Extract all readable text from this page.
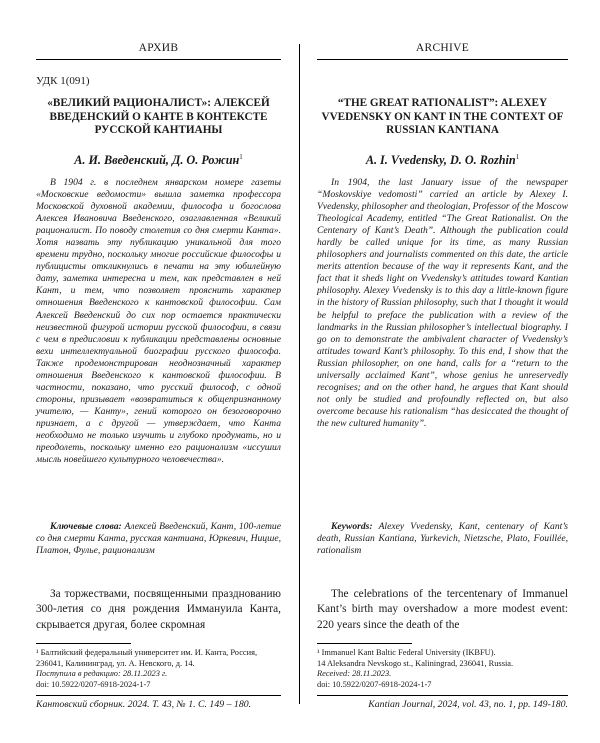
АРХИВ
УДК 1(091)
«ВЕЛИКИЙ РАЦИОНАЛИСТ»: АЛЕКСЕЙ ВВЕДЕНСКИЙ О КАНТЕ В КОНТЕКСТЕ РУССКОЙ КАНТИАНЫ
А. И. Введенский, Д. О. Рожин$^1$
В 1904 г. в последнем январском номере газеты «Московские ведомости» вышла заметка профессора Московской духовной академии, философа и богослова Алексея Ивановича Введенского, озаглавленная «Великий рационалист. По поводу столетия со дня смерти Канта». Хотя назвать эту публикацию уникальной для того времени трудно, поскольку многие российские философы и публицисты откликнулись в печати на эту юбилейную дату, заметка интересна и тем, как представлен в ней Кант, и тем, что позволяет прояснить характер отношения Введенского к кантовской философии. Сам Алексей Введенский до сих пор остается практически неизвестной фигурой истории русской философии, в связи с чем в предисловии к публикации представлены основные вехи интеллектуальной биографии русского философа. Также продемонстрирован неоднозначный характер отношения Введенского к кантовской философии. В частности, показано, что русский философ, с одной стороны, призывает «возвратиться к общепризнанному учителю, — Канту», гений которого он безоговорочно признает, а с другой — утверждает, что Канта необходимо не только изучить и глубоко продумать, но и преодолеть, поскольку именно его рационализм «иссушил мысль новейшего культурного человечества».
Ключевые слова: Алексей Введенский, Кант, 100-летие со дня смерти Канта, русская кантиана, Юркевич, Ницше, Платон, Фулье, рационализм
За торжествами, посвященными празднованию 300-летия со дня рождения Иммануила Канта, скрывается другая, более скромная
¹ Балтийский федеральный университет им. И. Канта, Россия, 236041, Калининград, ул. А. Невского, д. 14.
Поступила в редакцию: 28.11.2023 г.
doi: 10.5922/0207-6918-2024-1-7
ARCHIVE
“THE GREAT RATIONALIST”: ALEXEY VVEDENSKY ON KANT IN THE CONTEXT OF RUSSIAN KANTIANA
A. I. Vvedensky, D. O. Rozhin$^1$
In 1904, the last January issue of the newspaper “Moskovskiye vedomosti” carried an article by Alexey I. Vvedensky, philosopher and theologian, Professor of the Moscow Theological Academy, entitled “The Great Rationalist. On the Centenary of Kant’s Death”. Although the publication could hardly be called unique for its time, as many Russian philosophers and journalists commented on this date, the article merits attention because of the way it represents Kant, and the fact that it sheds light on Vvedensky’s attitudes toward Kantian philosophy. Alexey Vvedensky is to this day a little-known figure in the history of Russian philosophy, such that I thought it would be helpful to preface the publication with a review of the landmarks in the Russian philosopher’s intellectual biography. I go on to demonstrate the ambivalent character of Vvedensky’s attitudes toward Kant’s philosophy. To this end, I show that the Russian philosopher, on one hand, calls for a “return to the universally acclaimed Kant”, whose genius he unreservedly recognises; and on the other hand, he argues that Kant should not only be studied and profoundly reflected on, but also overcome because his rationalism “has desiccated the thought of the new cultured humanity”.
Keywords: Alexey Vvedensky, Kant, centenary of Kant’s death, Russian Kantiana, Yurkevich, Nietzsche, Plato, Fouillée, rationalism
The celebrations of the tercentenary of Immanuel Kant’s birth may overshadow a more modest event: 220 years since the death of the
¹ Immanuel Kant Baltic Federal University (IKBFU).
14 Aleksandra Nevskogo st., Kaliningrad, 236041, Russia.
Received: 28.11.2023.
doi: 10.5922/0207-6918-2024-1-7
Кантовский сборник. 2024. Т. 43, № 1. С. 149 – 180.	Kantian Journal, 2024, vol. 43, no. 1, pp. 149-180.
